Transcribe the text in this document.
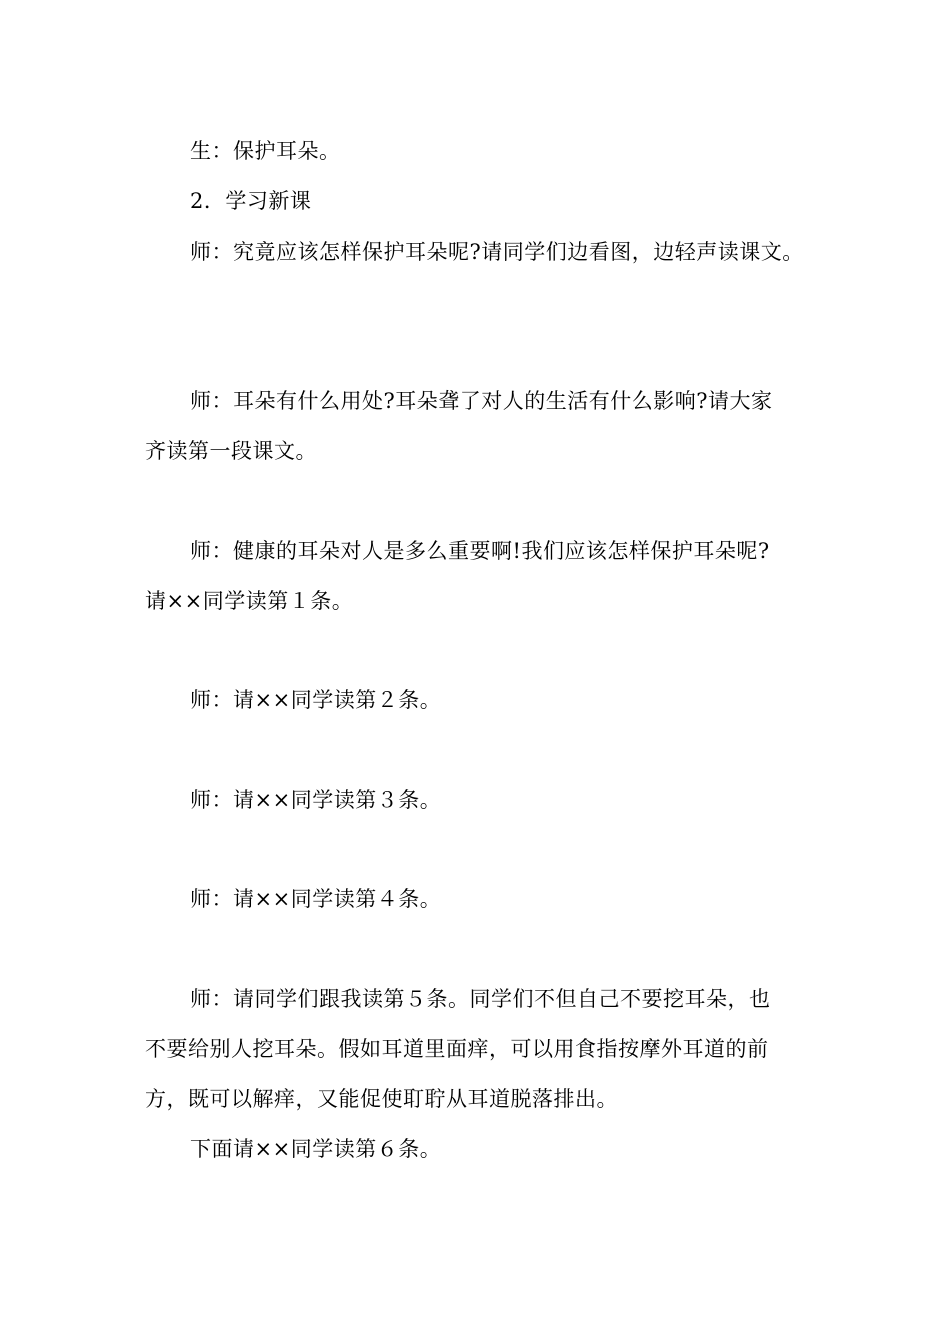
生：保护耳朵。
2．学习新课
师：究竟应该怎样保护耳朵呢?请同学们边看图，边轻声读课文。
师：耳朵有什么用处?耳朵聋了对人的生活有什么影响?请大家
齐读第一段课文。
师：健康的耳朵对人是多么重要啊!我们应该怎样保护耳朵呢?
请××同学读第１条。
师：请××同学读第２条。
师：请××同学读第３条。
师：请××同学读第４条。
师：请同学们跟我读第５条。同学们不但自己不要挖耳朵，也
不要给别人挖耳朵。假如耳道里面痒，可以用食指按摩外耳道的前
方，既可以解痒，又能促使耵聍从耳道脱落排出。
下面请××同学读第６条。
